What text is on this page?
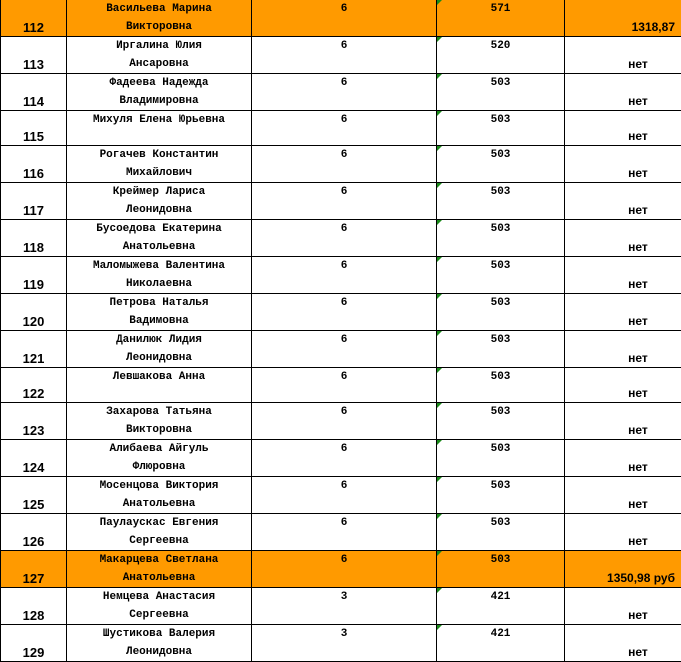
112	Васильева Марина
Викторовна	6	571	1318,87

113	Иргалина Юлия
Ансаровна	6	520	нет

114	Фадеева Надежда
Владимировна	6	503	нет

115	Михуля Елена Юрьевна	6	503	нет

116	Рогачев Константин
Михайлович	6	503	нет

117	Креймер Лариса
Леонидовна	6	503	нет

118	Бусоедова Екатерина
Анатольевна	6	503	нет

119	Маломыжева Валентина
Николаевна	6	503	нет

120	Петрова Наталья
Вадимовна	6	503	нет

121	Данилюк Лидия
Леонидовна	6	503	нет

122	Левшакова Анна	6	503	нет

123	Захарова Татьяна
Викторовна	6	503	нет

124	Алибаева Айгуль
Флюровна	6	503	нет

125	Мосенцова Виктория
Анатольевна	6	503	нет

126	Паулаускас Евгения
Сергеевна	6	503	нет

127	Макарцева Светлана
Анатольевна	6	503	1350,98 руб

128	Немцева Анастасия
Сергеевна	3	421	нет

129	Шустикова Валерия
Леонидовна	3	421	нет
